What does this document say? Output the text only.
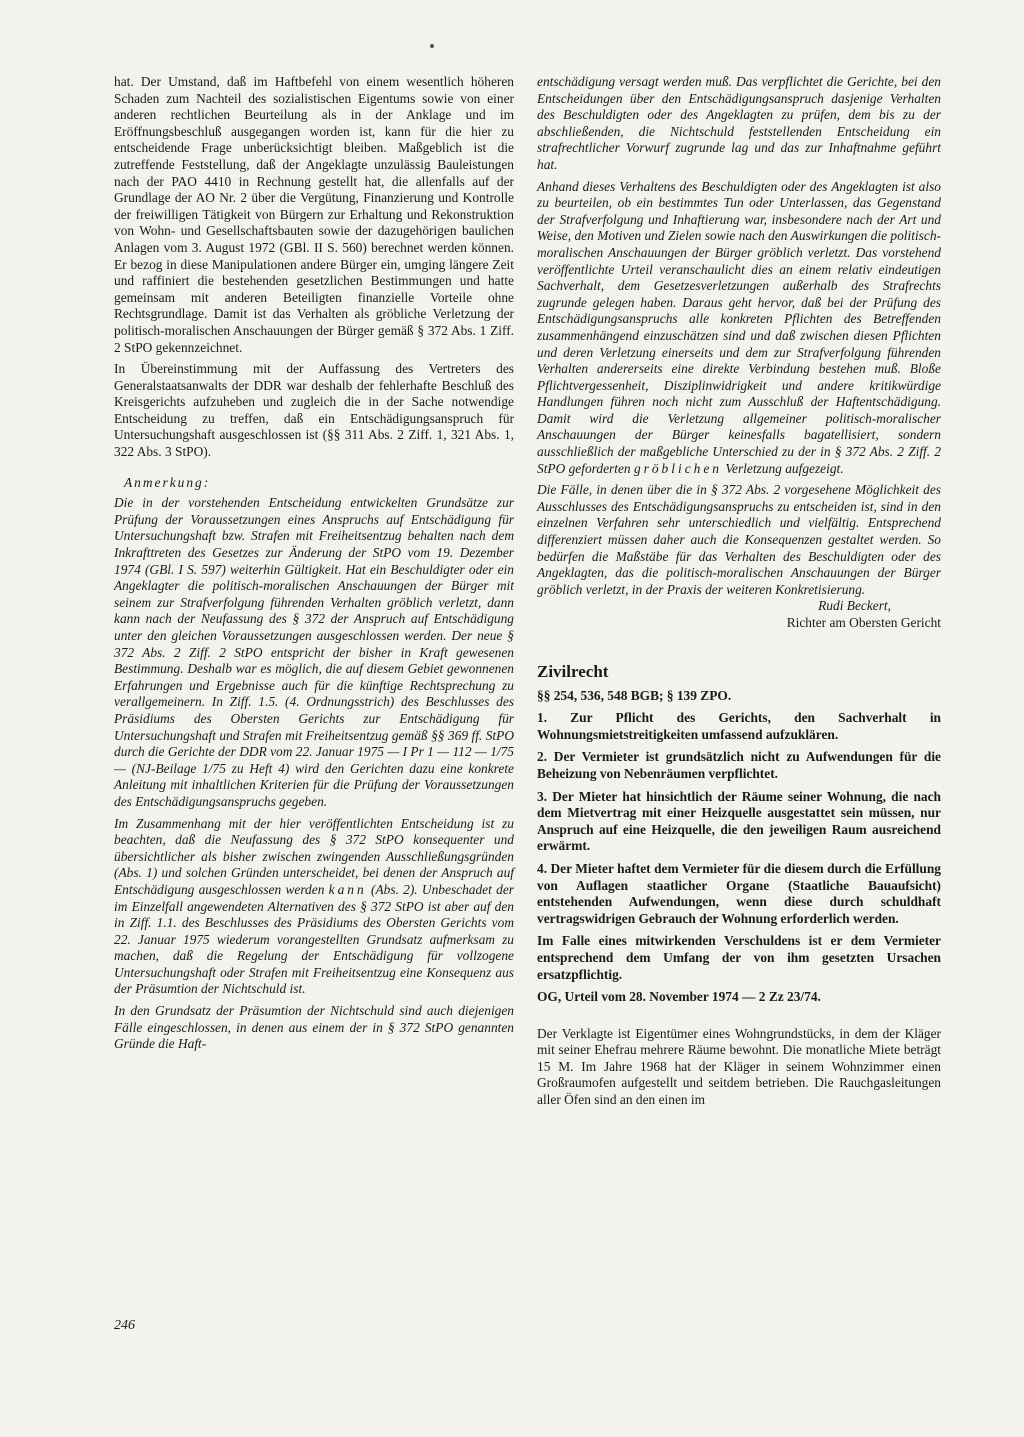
hat. Der Umstand, daß im Haftbefehl von einem wesentlich höheren Schaden zum Nachteil des sozialistischen Eigentums sowie von einer anderen rechtlichen Beurteilung als in der Anklage und im Eröffnungsbeschluß ausgegangen worden ist, kann für die hier zu entscheidende Frage unberücksichtigt bleiben. Maßgeblich ist die zutreffende Feststellung, daß der Angeklagte unzulässig Bauleistungen nach der PAO 4410 in Rechnung gestellt hat, die allenfalls auf der Grundlage der AO Nr. 2 über die Vergütung, Finanzierung und Kontrolle der freiwilligen Tätigkeit von Bürgern zur Erhaltung und Rekonstruktion von Wohn- und Gesellschaftsbauten sowie der dazugehörigen baulichen Anlagen vom 3. August 1972 (GBl. II S. 560) berechnet werden können. Er bezog in diese Manipulationen andere Bürger ein, umging längere Zeit und raffiniert die bestehenden gesetzlichen Bestimmungen und hatte gemeinsam mit anderen Beteiligten finanzielle Vorteile ohne Rechtsgrundlage. Damit ist das Verhalten als gröbliche Verletzung der politisch-moralischen Anschauungen der Bürger gemäß § 372 Abs. 1 Ziff. 2 StPO gekennzeichnet.

In Übereinstimmung mit der Auffassung des Vertreters des Generalstaatsanwalts der DDR war deshalb der fehlerhafte Beschluß des Kreisgerichts aufzuheben und zugleich die in der Sache notwendige Entscheidung zu treffen, daß ein Entschädigungsanspruch für Untersuchungshaft ausgeschlossen ist (§§ 311 Abs. 2 Ziff. 1, 321 Abs. 1, 322 Abs. 3 StPO).

Anmerkung:

Die in der vorstehenden Entscheidung entwickelten Grundsätze zur Prüfung der Voraussetzungen eines Anspruchs auf Entschädigung für Untersuchungshaft bzw. Strafen mit Freiheitsentzug behalten nach dem Inkrafttreten des Gesetzes zur Änderung der StPO vom 19. Dezember 1974 (GBl. I S. 597) weiterhin Gültigkeit. Hat ein Beschuldigter oder ein Angeklagter die politisch-moralischen Anschauungen der Bürger mit seinem zur Strafverfolgung führenden Verhalten gröblich verletzt, dann kann nach der Neufassung des § 372 der Anspruch auf Entschädigung unter den gleichen Voraussetzungen ausgeschlossen werden. Der neue § 372 Abs. 2 Ziff. 2 StPO entspricht der bisher in Kraft gewesenen Bestimmung. Deshalb war es möglich, die auf diesem Gebiet gewonnenen Erfahrungen und Ergebnisse auch für die künftige Rechtsprechung zu verallgemeinern. In Ziff. 1.5. (4. Ordnungsstrich) des Beschlusses des Präsidiums des Obersten Gerichts zur Entschädigung für Untersuchungshaft und Strafen mit Freiheitsentzug gemäß §§ 369 ff. StPO durch die Gerichte der DDR vom 22. Januar 1975 — I Pr 1 — 112 — 1/75 — (NJ-Beilage 1/75 zu Heft 4) wird den Gerichten dazu eine konkrete Anleitung mit inhaltlichen Kriterien für die Prüfung der Voraussetzungen des Entschädigungsanspruchs gegeben.

Im Zusammenhang mit der hier veröffentlichten Entscheidung ist zu beachten, daß die Neufassung des § 372 StPO konsequenter und übersichtlicher als bisher zwischen zwingenden Ausschließungsgründen (Abs. 1) und solchen Gründen unterscheidet, bei denen der Anspruch auf Entschädigung ausgeschlossen werden kann (Abs. 2). Unbeschadet der im Einzelfall angewendeten Alternativen des § 372 StPO ist aber auf den in Ziff. 1.1. des Beschlusses des Präsidiums des Obersten Gerichts vom 22. Januar 1975 wiederum vorangestellten Grundsatz aufmerksam zu machen, daß die Regelung der Entschädigung für vollzogene Untersuchungshaft oder Strafen mit Freiheitsentzug eine Konsequenz aus der Präsumtion der Nichtschuld ist.

In den Grundsatz der Präsumtion der Nichtschuld sind auch diejenigen Fälle eingeschlossen, in denen aus einem der in § 372 StPO genannten Gründe die Haft-

entschädigung versagt werden muß. Das verpflichtet die Gerichte, bei den Entscheidungen über den Entschädigungsanspruch dasjenige Verhalten des Beschuldigten oder des Angeklagten zu prüfen, dem bis zu der abschließenden, die Nichtschuld feststellenden Entscheidung ein strafrechtlicher Vorwurf zugrunde lag und das zur Inhaftnahme geführt hat.

Anhand dieses Verhaltens des Beschuldigten oder des Angeklagten ist also zu beurteilen, ob ein bestimmtes Tun oder Unterlassen, das Gegenstand der Strafverfolgung und Inhaftierung war, insbesondere nach der Art und Weise, den Motiven und Zielen sowie nach den Auswirkungen die politisch-moralischen Anschauungen der Bürger gröblich verletzt. Das vorstehend veröffentlichte Urteil veranschaulicht dies an einem relativ eindeutigen Sachverhalt, dem Gesetzesverletzungen außerhalb des Strafrechts zugrunde gelegen haben. Daraus geht hervor, daß bei der Prüfung des Entschädigungsanspruchs alle konkreten Pflichten des Betreffenden zusammenhängend einzuschätzen sind und daß zwischen diesen Pflichten und deren Verletzung einerseits und dem zur Strafverfolgung führenden Verhalten andererseits eine direkte Verbindung bestehen muß. Bloße Pflichtvergessenheit, Disziplinwidrigkeit und andere kritikwürdige Handlungen führen noch nicht zum Ausschluß der Haftentschädigung. Damit wird die Verletzung allgemeiner politisch-moralischer Anschauungen der Bürger keinesfalls bagatellisiert, sondern ausschließlich der maßgebliche Unterschied zu der in § 372 Abs. 2 Ziff. 2 StPO geforderten gröblichen Verletzung aufgezeigt.

Die Fälle, in denen über die in § 372 Abs. 2 vorgesehene Möglichkeit des Ausschlusses des Entschädigungsanspruchs zu entscheiden ist, sind in den einzelnen Verfahren sehr unterschiedlich und vielfältig. Entsprechend differenziert müssen daher auch die Konsequenzen gestaltet werden. So bedürfen die Maßstäbe für das Verhalten des Beschuldigten oder des Angeklagten, das die politisch-moralischen Anschauungen der Bürger gröblich verletzt, in der Praxis der weiteren Konkretisierung.

Rudi Beckert,

Richter am Obersten Gericht

Zivilrecht

§§ 254, 536, 548 BGB; § 139 ZPO.

1. Zur Pflicht des Gerichts, den Sachverhalt in Wohnungsmietstreitigkeiten umfassend aufzuklären.

2. Der Vermieter ist grundsätzlich nicht zu Aufwendungen für die Beheizung von Nebenräumen verpflichtet.

3. Der Mieter hat hinsichtlich der Räume seiner Wohnung, die nach dem Mietvertrag mit einer Heizquelle ausgestattet sein müssen, nur Anspruch auf eine Heizquelle, die den jeweiligen Raum ausreichend erwärmt.

4. Der Mieter haftet dem Vermieter für die diesem durch die Erfüllung von Auflagen staatlicher Organe (Staatliche Bauaufsicht) entstehenden Aufwendungen, wenn diese durch schuldhaft vertragswidrigen Gebrauch der Wohnung erforderlich werden.

Im Falle eines mitwirkenden Verschuldens ist er dem Vermieter entsprechend dem Umfang der von ihm gesetzten Ursachen ersatzpflichtig.

OG, Urteil vom 28. November 1974 — 2 Zz 23/74.

Der Verklagte ist Eigentümer eines Wohngrundstücks, in dem der Kläger mit seiner Ehefrau mehrere Räume bewohnt. Die monatliche Miete beträgt 15 M. Im Jahre 1968 hat der Kläger in seinem Wohnzimmer einen Großraumofen aufgestellt und seitdem betrieben. Die Rauchgasleitungen aller Öfen sind an den einen im

246
